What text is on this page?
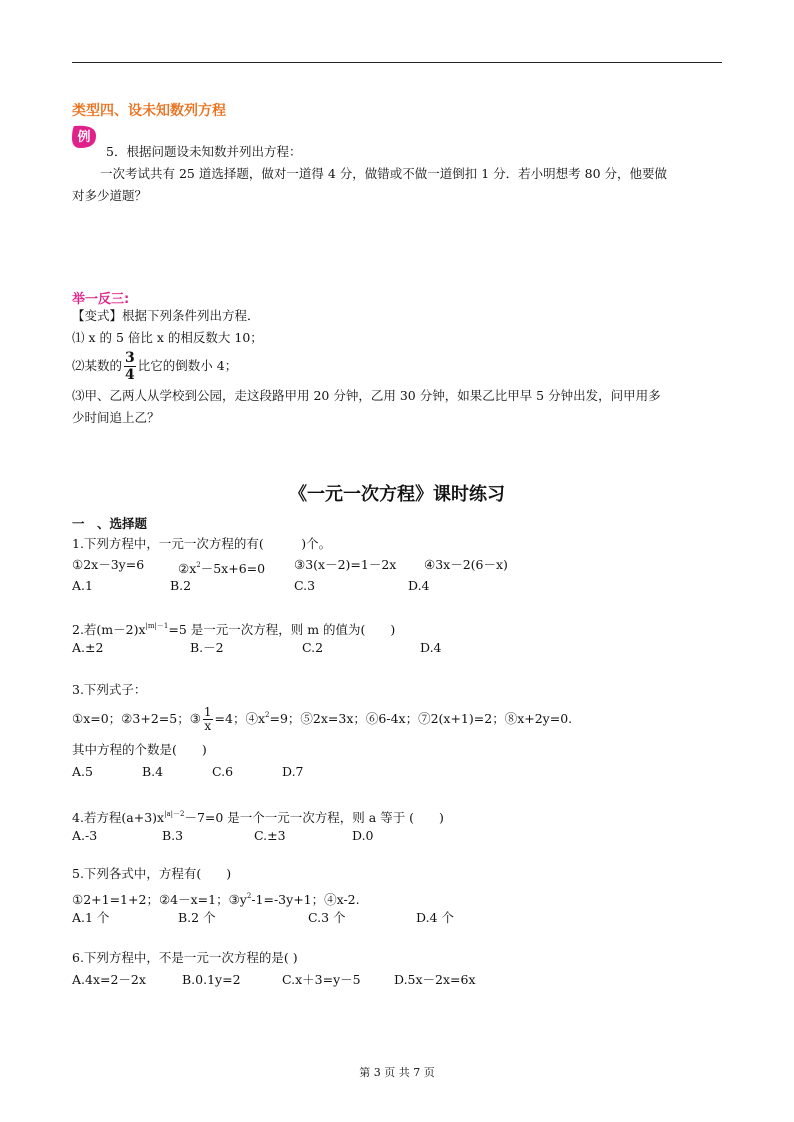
类型四、设未知数列方程
例
5．根据问题设未知数并列出方程：
一次考试共有 25 道选择题，做对一道得 4 分，做错或不做一道倒扣 1 分．若小明想考 80 分，他要做
对多少道题？
举一反三:
【变式】根据下列条件列出方程．
⑴ x 的 5 倍比 x 的相反数大 10；
⑵某数的 $\frac{3}{4}$ 比它的倒数小 4；
⑶甲、乙两人从学校到公园，走这段路甲用 20 分钟，乙用 30 分钟，如果乙比甲早 5 分钟出发，问甲用多
少时间追上乙？
《一元一次方程》课时练习
一　、选择题
1.下列方程中，一元一次方程的有(　　　)个。
①2x－3y=6	$②x^2-5x+6=0$ ③3(x－2)=1－2x ④3x－2(6－x)
A.1	B.2	C.3	D.4
2.若$(m-2)x^{|m|-1}=5$ 是一元一次方程，则 m 的值为(　　)
A.±2	B.－2	C.2	D.4
3.下列式子：
①x=0；②3+2=5；③ $\frac{1}{x} =4$；$④x^2=9$；⑤2x=3x；⑥6-4x；⑦2(x+1)=2；⑧x+2y=0.
其中方程的个数是(　　)
A.5	B.4	C.6	D.7
4.若方程$(a+3)x^{|a|-2}-7=0$ 是一个一元一次方程，则 a 等于 (　　)
A.-3	B.3	C.±3	D.0
5.下列各式中，方程有(　　)
①2+1=1+2；②4－x=1；$③y^2-1=-3y+1$；④x-2.
A.1 个	B.2 个	C.3 个	D.4 个
6.下列方程中，不是一元一次方程的是( )
A.4x=2－2x	B.0.1y=2	C.x＋3=y－5	D.5x－2x=6x
第 3 页 共 7 页
